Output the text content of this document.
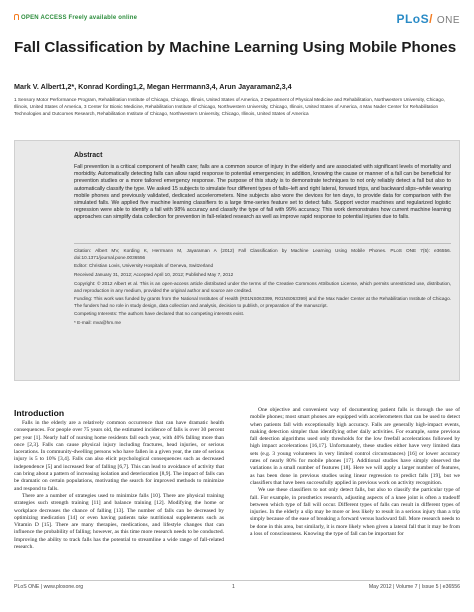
OPEN ACCESS Freely available online	PLoS/ ONE
Fall Classification by Machine Learning Using Mobile Phones
Mark V. Albert1,2*, Konrad Kording1,2, Megan Herrmann3,4, Arun Jayaraman2,3,4
1 Sensory Motor Performance Program, Rehabilitation Institute of Chicago, Chicago, Illinois, United States of America, 2 Department of Physical Medicine and Rehabilitation, Northwestern University, Chicago, Illinois, United States of America, 3 Center for Bionic Medicine, Rehabilitation Institute of Chicago, Northwestern University, Chicago, Illinois, United States of America, 4 Max Nader Center for Rehabilitation Technologies and Outcomes Research, Rehabilitation Institute of Chicago, Northwestern University, Chicago, Illinois, United States of America
Abstract
Fall prevention is a critical component of health care; falls are a common source of injury in the elderly and are associated with significant levels of mortality and morbidity. Automatically detecting falls can allow rapid response to potential emergencies; in addition, knowing the cause or manner of a fall can be beneficial for prevention studies or a more tailored emergency response. The purpose of this study is to demonstrate techniques to not only reliably detect a fall but also to automatically classify the type. We asked 15 subjects to simulate four different types of falls–left and right lateral, forward trips, and backward slips–while wearing mobile phones and previously validated, dedicated accelerometers. Nine subjects also wore the devices for ten days, to provide data for comparison with the simulated falls. We applied five machine learning classifiers to a large time-series feature set to detect falls. Support vector machines and regularized logistic regression were able to identify a fall with 98% accuracy and classify the type of fall with 99% accuracy. This work demonstrates how current machine learning approaches can simplify data collection for prevention in fall-related research as well as improve rapid response to potential injuries due to falls.
Citation: Albert MV, Kording K, Herrmann M, Jayaraman A (2012) Fall Classification by Machine Learning Using Mobile Phones. PLoS ONE 7(5): e36556. doi:10.1371/journal.pone.0036556
Editor: Christian Lovis, University Hospitals of Geneva, Switzerland
Received January 31, 2012; Accepted April 10, 2012; Published May 7, 2012
Copyright: © 2012 Albert et al. This is an open-access article distributed under the terms of the Creative Commons Attribution License, which permits unrestricted use, distribution, and reproduction in any medium, provided the original author and source are credited.
Funding: This work was funded by grants from the National Institutes of Health (R01NS063399, R01NS063399) and the Max Nader Center at the Rehabilitation Institute of Chicago. The funders had no role in study design, data collection and analysis, decision to publish, or preparation of the manuscript.
Competing Interests: The authors have declared that no competing interests exist.
* E-mail: mva@hm.me
Introduction

Falls in the elderly are a relatively common occurrence that can have dramatic health consequences. For people over 75 years old, the estimated incidence of falls is over 30 percent per year [1]. Nearly half of nursing home residents fall each year, with 40% falling more than once [2,3]. Falls can cause physical injury including fractures, head injuries, or serious lacerations. In community-dwelling persons who have fallen in a given year, the rate of serious injury is 5 to 10% [3,4]. Falls can also elicit psychological consequences such as decreased independence [5] and increased fear of falling [6,7]. This can lead to avoidance of activity that can bring about a pattern of increasing isolation and deterioration [8,9]. The impact of falls can be dramatic on certain populations, motivating the search for improved methods to minimize and respond to falls.

There are a number of strategies used to minimize falls [10]. There are physical training strategies such strength training [11] and balance training [12]. Modifying the home or workplace decreases the chance of falling [13]. The number of falls can be decreased by optimizing medication [14] or even having patients take nutritional supplements such as Vitamin D [15]. There are many therapies, medications, and lifestyle changes that can influence the probability of falling; however, as this time more research needs to be conducted. Improving the ability to track falls has the potential to streamline a wide range of fall-related research.

One objective and convenient way of documenting patient falls is through the use of mobile phones; most smart phones are equipped with accelerometers that can be used to detect when patients fall with exceptionally high accuracy. Falls are generally high-impact events, making detection simpler than identifying other daily activities. For example, some previous fall detection algorithms used only thresholds for the low freefall accelerations followed by high impact accelerations [16,17]. Unfortunately, these studies either have very limited data sets (e.g. 3 young volunteers in very limited control circumstances) [16] or lower accuracy rates of nearly 80% for mobile phones [17]. Additional studies have simply observed the variations in a small number of features [18]. Here we will apply a larger number of features, as has been done in previous studies using linear regression to predict falls [19], but we classifiers that have been successfully applied in previous work on activity recognition.

We use these classifiers to not only detect falls, but also to classify the particular type of fall. For example, in prosthetics research, adjusting aspects of a knee joint is often a tradeoff between which type of fall will occur. Different types of falls can result in different types of injuries. In the elderly a slip may be more or less likely to result in a serious injury than a trip simply because of the ease of breaking a forward versus backward fall. More research needs to be done in this area, but similarly, it is more likely when given a lateral fall that it may be from a loss of consciousness. Knowing the type of fall can be important for

PLoS ONE | www.plosone.org	1	May 2012 | Volume 7 | Issue 5 | e36556
